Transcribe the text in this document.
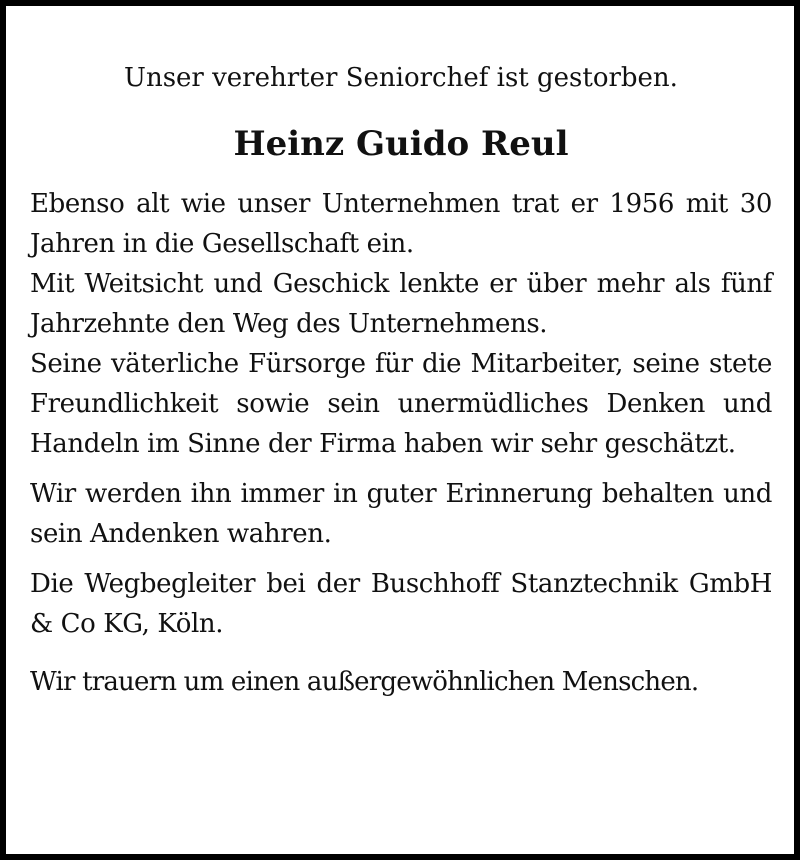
Unser verehrter Seniorchef ist gestorben.

Heinz Guido Reul

Ebenso alt wie unser Unternehmen trat er 1956 mit 30 Jahren in die Gesellschaft ein.

Mit Weitsicht und Geschick lenkte er über mehr als fünf Jahrzehnte den Weg des Unternehmens.

Seine väterliche Fürsorge für die Mitarbeiter, seine stete Freundlichkeit sowie sein unermüdliches Denken und Handeln im Sinne der Firma haben wir sehr geschätzt.

Wir werden ihn immer in guter Erinnerung behalten und sein Andenken wahren.

Die Wegbegleiter bei der Buschhoff Stanztechnik GmbH & Co KG, Köln.

Wir trauern um einen außergewöhnlichen Menschen.
